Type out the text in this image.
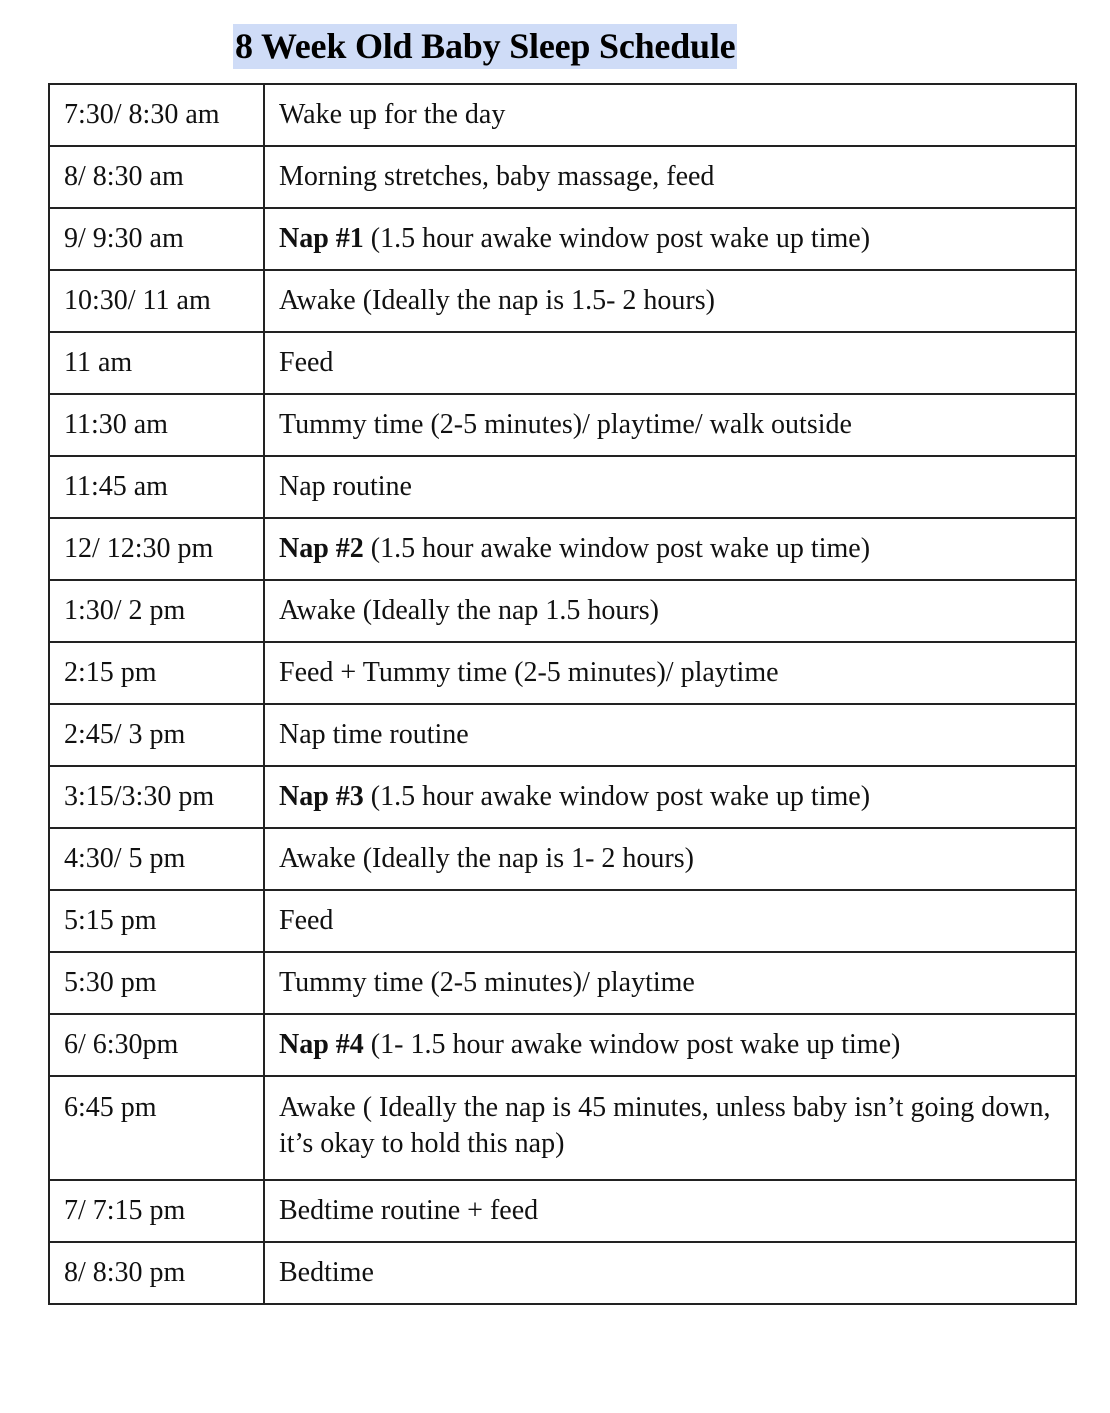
8 Week Old Baby Sleep Schedule
7:30/ 8:30 am	Wake up for the day
8/ 8:30 am	Morning stretches, baby massage, feed
9/ 9:30 am	Nap #1 (1.5 hour awake window post wake up time)
10:30/ 11 am	Awake (Ideally the nap is 1.5- 2 hours)
11 am	Feed
11:30 am	Tummy time (2-5 minutes)/ playtime/ walk outside
11:45 am	Nap routine
12/ 12:30 pm	Nap #2 (1.5 hour awake window post wake up time)
1:30/ 2 pm	Awake (Ideally the nap 1.5 hours)
2:15 pm	Feed + Tummy time (2-5 minutes)/ playtime
2:45/ 3 pm	Nap time routine
3:15/3:30 pm	Nap #3 (1.5 hour awake window post wake up time)
4:30/ 5 pm	Awake (Ideally the nap is 1- 2 hours)
5:15 pm	Feed
5:30 pm	Tummy time (2-5 minutes)/ playtime
6/ 6:30pm	Nap #4 (1- 1.5 hour awake window post wake up time)
6:45 pm	Awake ( Ideally the nap is 45 minutes, unless baby isn’t going down, it’s okay to hold this nap)
7/ 7:15 pm	Bedtime routine + feed
8/ 8:30 pm	Bedtime
